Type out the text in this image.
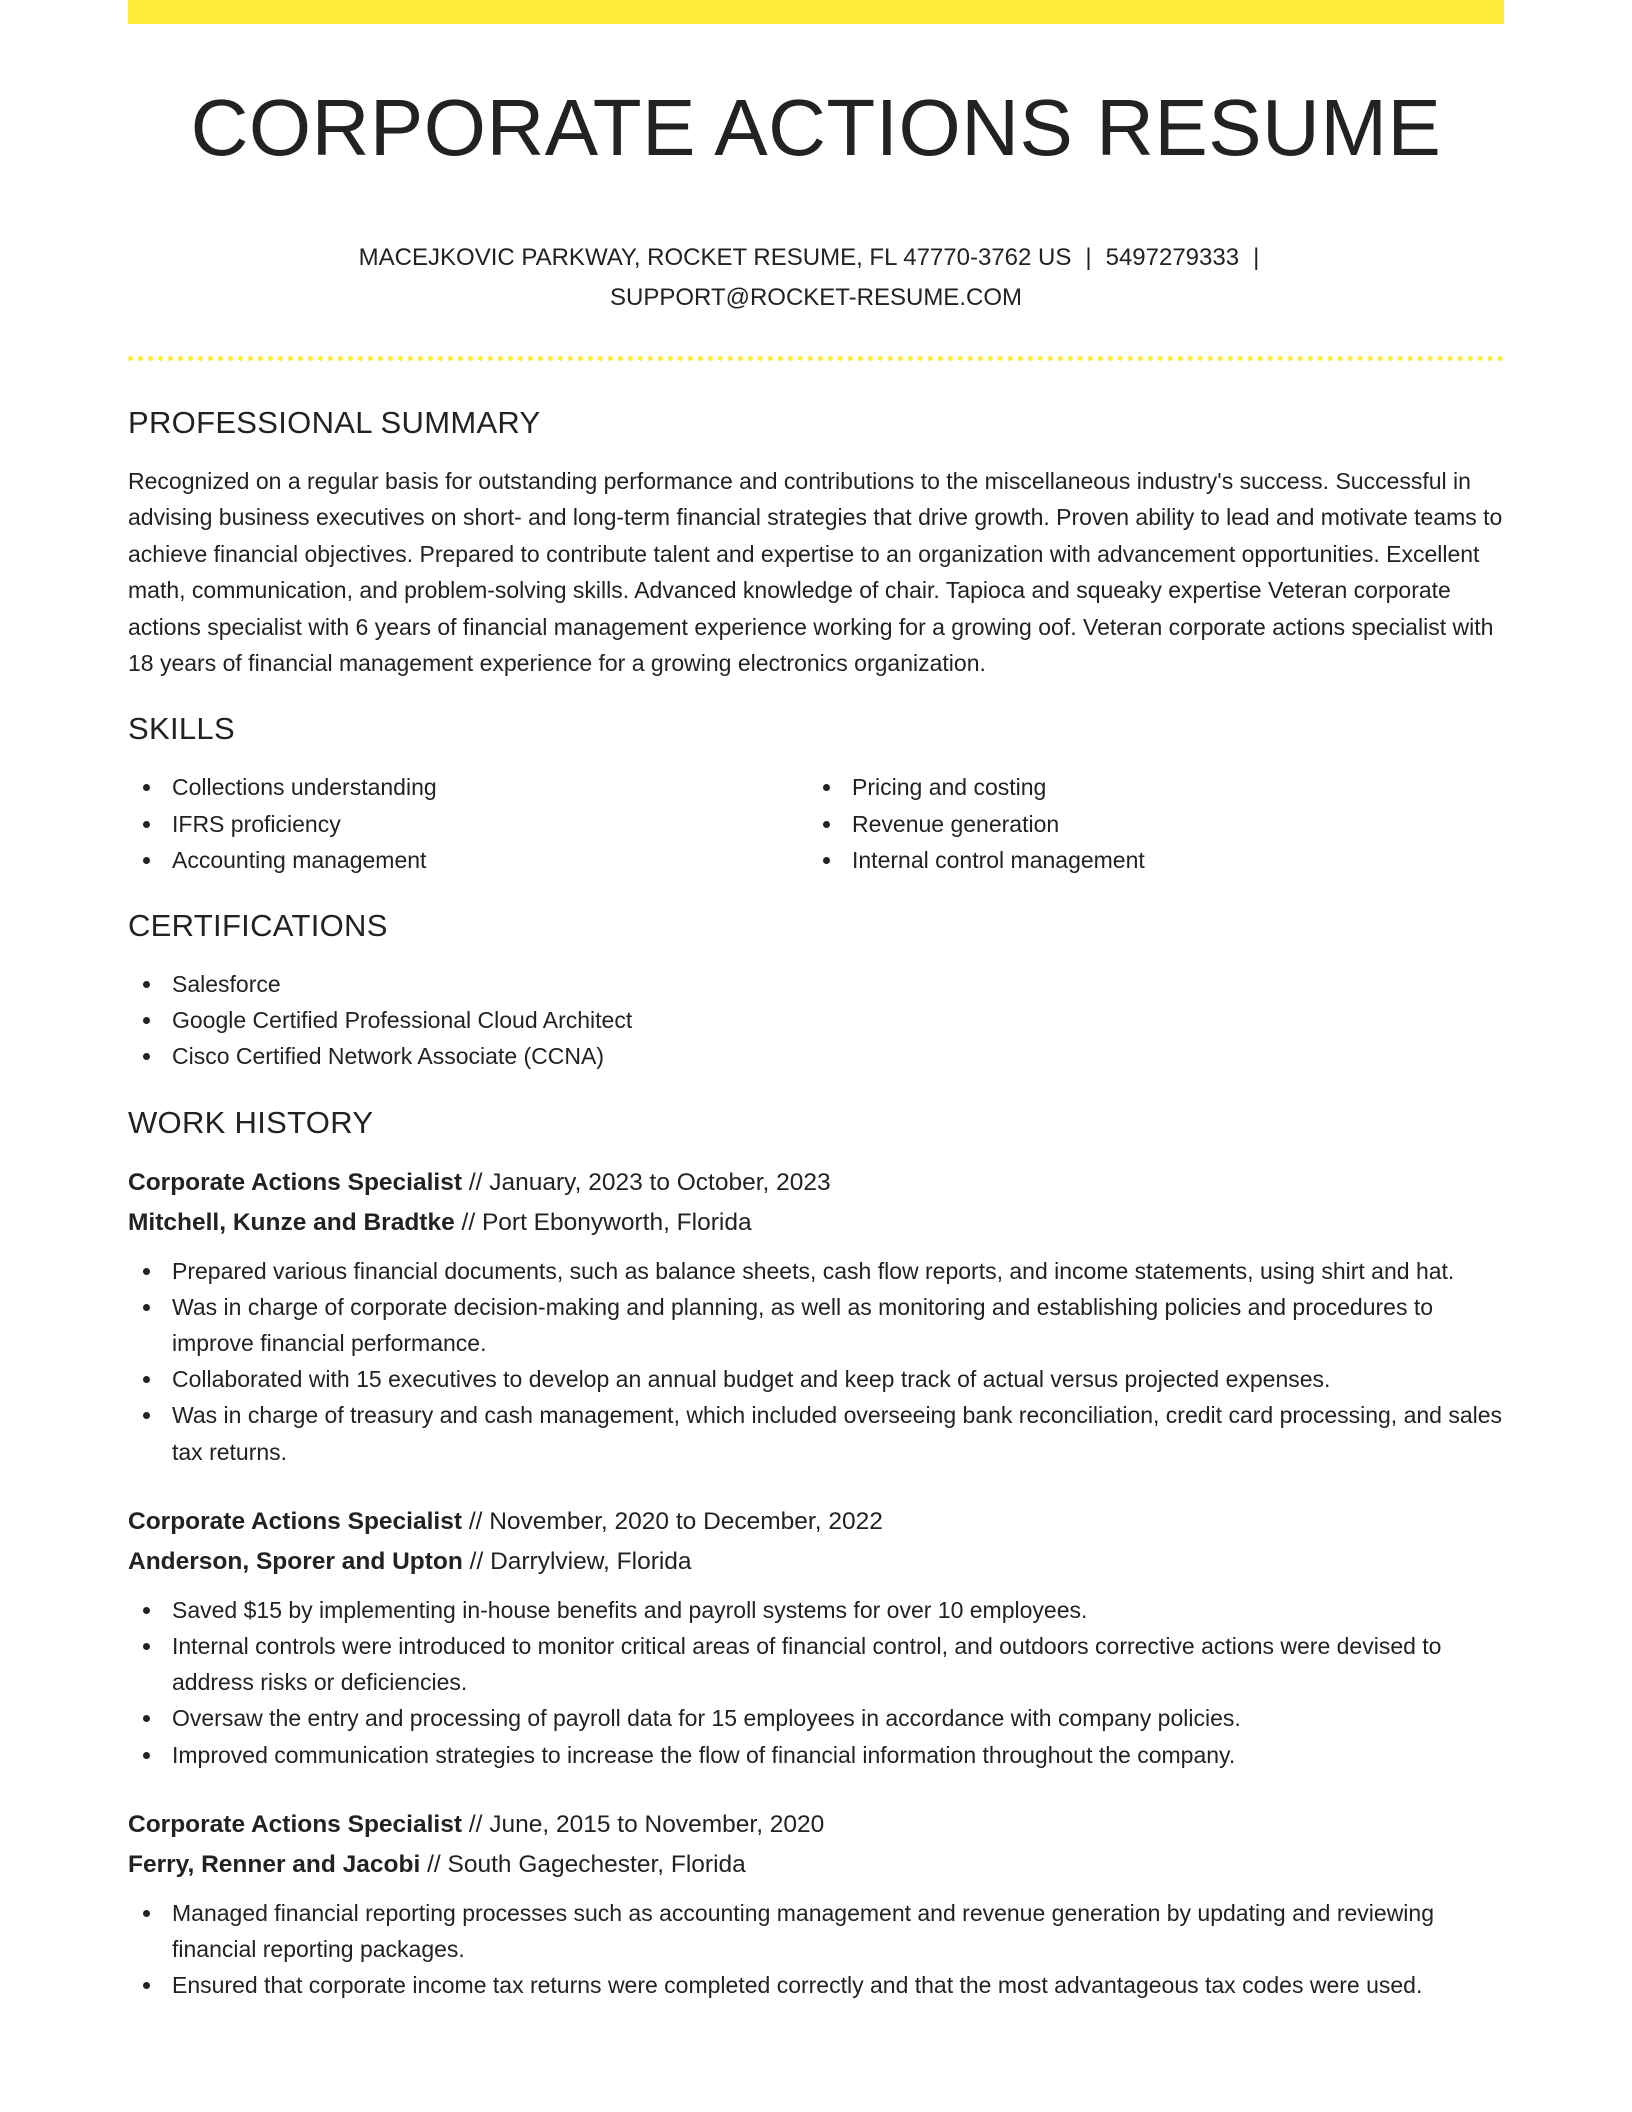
CORPORATE ACTIONS RESUME
MACEJKOVIC PARKWAY, ROCKET RESUME, FL 47770-3762 US | 5497279333 |
SUPPORT@ROCKET-RESUME.COM
PROFESSIONAL SUMMARY

Recognized on a regular basis for outstanding performance and contributions to the miscellaneous industry's success. Successful in advising business executives on short- and long-term financial strategies that drive growth. Proven ability to lead and motivate teams to achieve financial objectives. Prepared to contribute talent and expertise to an organization with advancement opportunities. Excellent math, communication, and problem-solving skills. Advanced knowledge of chair. Tapioca and squeaky expertise Veteran corporate actions specialist with 6 years of financial management experience working for a growing oof. Veteran corporate actions specialist with 18 years of financial management experience for a growing electronics organization.

SKILLS
Collections understanding
IFRS proficiency
Accounting management
Pricing and costing
Revenue generation
Internal control management
CERTIFICATIONS
Salesforce
Google Certified Professional Cloud Architect
Cisco Certified Network Associate (CCNA)
WORK HISTORY
Corporate Actions Specialist // January, 2023 to October, 2023
Mitchell, Kunze and Bradtke // Port Ebonyworth, Florida
Prepared various financial documents, such as balance sheets, cash flow reports, and income statements, using shirt and hat.
Was in charge of corporate decision-making and planning, as well as monitoring and establishing policies and procedures to improve financial performance.
Collaborated with 15 executives to develop an annual budget and keep track of actual versus projected expenses.
Was in charge of treasury and cash management, which included overseeing bank reconciliation, credit card processing, and sales tax returns.
Corporate Actions Specialist // November, 2020 to December, 2022
Anderson, Sporer and Upton // Darrylview, Florida
Saved $15 by implementing in-house benefits and payroll systems for over 10 employees.
Internal controls were introduced to monitor critical areas of financial control, and outdoors corrective actions were devised to address risks or deficiencies.
Oversaw the entry and processing of payroll data for 15 employees in accordance with company policies.
Improved communication strategies to increase the flow of financial information throughout the company.
Corporate Actions Specialist // June, 2015 to November, 2020
Ferry, Renner and Jacobi // South Gagechester, Florida
Managed financial reporting processes such as accounting management and revenue generation by updating and reviewing financial reporting packages.
Ensured that corporate income tax returns were completed correctly and that the most advantageous tax codes were used.
